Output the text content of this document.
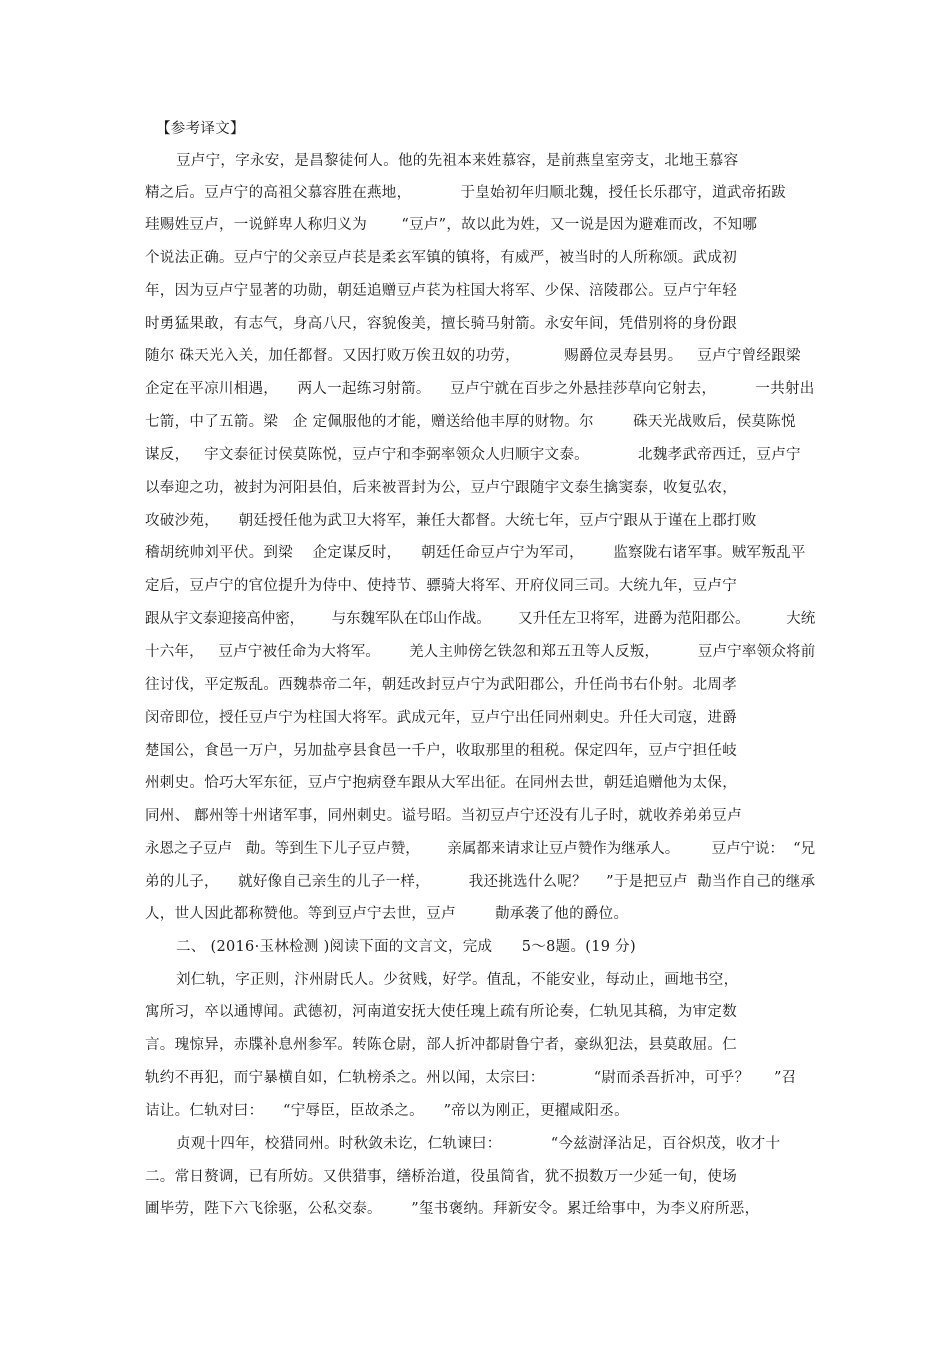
【参考译文】
豆卢宁，字永安，是昌黎徒何人。他的先祖本来姓慕容，是前燕皇室旁支，北地王慕容
精之后。豆卢宁的高祖父慕容胜在燕地，          于皇始初年归顺北魏，授任长乐郡守，道武帝拓跋
珪赐姓豆卢，一说鲜卑人称归义为       “豆卢”，故以此为姓，又一说是因为避难而改，不知哪
个说法正确。豆卢宁的父亲豆卢苌是柔玄军镇的镇将，有威严，被当时的人所称颂。武成初
年，因为豆卢宁显著的功勋，朝廷追赠豆卢苌为柱国大将军、少保、涪陵郡公。豆卢宁年轻
时勇猛果敢，有志气，身高八尺，容貌俊美，擅长骑马射箭。永安年间，凭借别将的身份跟
随尔 硃天光入关，加任都督。又因打败万俟丑奴的功劳，         赐爵位灵寿县男。   豆卢宁曾经跟梁
企定在平凉川相遇，    两人一起练习射箭。    豆卢宁就在百步之外悬挂莎草向它射去，        一共射出
七箭，中了五箭。梁   企 定佩服他的才能，赠送给他丰厚的财物。尔        硃天光战败后，侯莫陈悦
谋反，   宇文泰征讨侯莫陈悦，豆卢宁和李弼率领众人归顺宇文泰。          北魏孝武帝西迁，豆卢宁
以奉迎之功，被封为河阳县伯，后来被晋封为公，豆卢宁跟随宇文泰生擒窦泰，收复弘农，
攻破沙苑，    朝廷授任他为武卫大将军，兼任大都督。大统七年，豆卢宁跟从于谨在上郡打败
稽胡统帅刘平伏。到梁    企定谋反时，    朝廷任命豆卢宁为军司，      监察陇右诸军事。贼军叛乱平
定后，豆卢宁的官位提升为侍中、使持节、骠骑大将军、开府仪同三司。大统九年，豆卢宁
跟从宇文泰迎接高仲密，      与东魏军队在邙山作战。      又升任左卫将军，进爵为范阳郡公。        大统
十六年，   豆卢宁被任命为大将军。      羌人主帅傍乞铁忽和郑五丑等人反叛，        豆卢宁率领众将前
往讨伐，平定叛乱。西魏恭帝二年，朝廷改封豆卢宁为武阳郡公，升任尚书右仆射。北周孝
闵帝即位，授任豆卢宁为柱国大将军。武成元年，豆卢宁出任同州刺史。升任大司寇，进爵
楚国公，食邑一万户，另加盐亭县食邑一千户，收取那里的租税。保定四年，豆卢宁担任岐
州刺史。恰巧大军东征，豆卢宁抱病登车跟从大军出征。在同州去世，朝廷追赠他为太保，
同州、 鄜州等十州诸军事，同州刺史。谥号昭。当初豆卢宁还没有儿子时，就收养弟弟豆卢
永恩之子豆卢   勣。等到生下儿子豆卢赞，      亲属都来请求让豆卢赞作为继承人。       豆卢宁说：  “兄
弟的儿子，    就好像自己亲生的儿子一样，        我还挑选什么呢？    ”于是把豆卢  勣当作自己的继承
人，世人因此都称赞他。等到豆卢宁去世，豆卢        勣承袭了他的爵位。
二、 (2016·玉林检测 )阅读下面的文言文，完成      5～8题。(19 分)
刘仁轨，字正则，汴州尉氏人。少贫贱，好学。值乱，不能安业，每动止，画地书空，
寓所习，卒以通博闻。武德初，河南道安抚大使任瑰上疏有所论奏，仁轨见其稿，为审定数
言。瑰惊异，赤牒补息州参军。转陈仓尉，部人折冲都尉鲁宁者，豪纵犯法，县莫敢屈。仁
轨约不再犯，而宁暴横自如，仁轨榜杀之。州以闻，太宗曰：          “尉而杀吾折冲，可乎？     ”召
诘让。仁轨对曰：    “宁辱臣，臣故杀之。    ”帝以为刚正，更擢咸阳丞。
贞观十四年，校猎同州。时秋敛未讫，仁轨谏曰：          “今兹澍泽沾足，百谷炽茂，收才十
二。常日赘调，已有所妨。又供猎事，缮桥治道，役虽简省，犹不损数万一少延一旬，使场
圃毕劳，陛下六飞徐驱，公私交泰。      ”玺书褒纳。拜新安令。累迁给事中，为李义府所恶，
